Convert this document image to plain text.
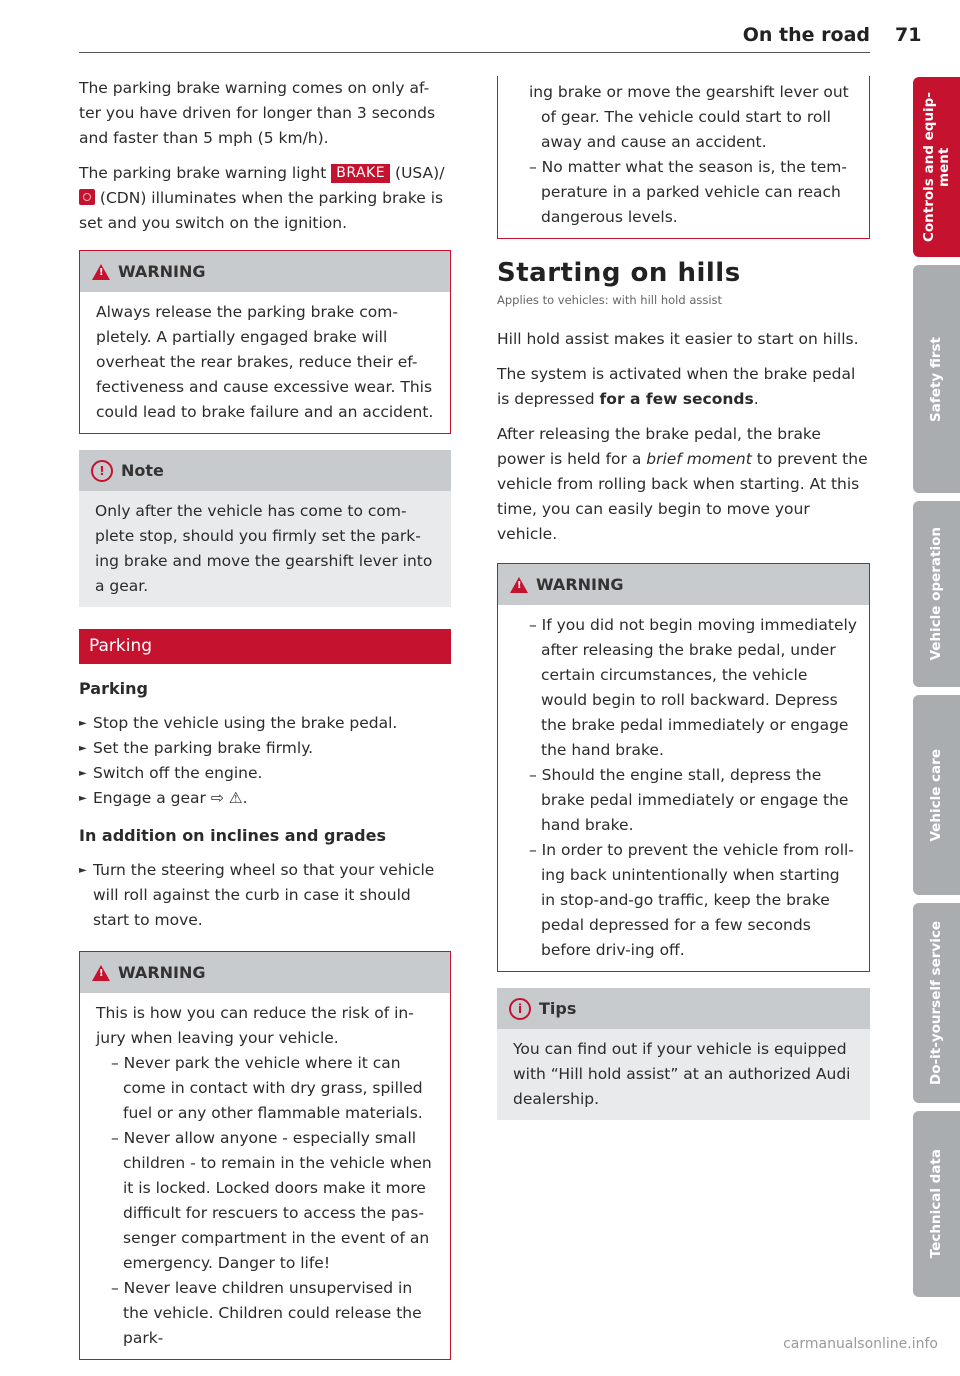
On the road 71

The parking brake warning comes on only af-ter you have driven for longer than 3 seconds and faster than 5 mph (5 km/h).

The parking brake warning light BRAKE (USA)/ (CDN) illuminates when the parking brake is set and you switch on the ignition.

!
WARNING
Always release the parking brake com-pletely. A partially engaged brake will overheat the rear brakes, reduce their ef-fectiveness and cause excessive wear. This could lead to brake failure and an accident.
!	Note
Only after the vehicle has come to com-plete stop, should you firmly set the park-ing brake and move the gearshift lever into a gear.
Parking
Parking

► Stop the vehicle using the brake pedal.

► Set the parking brake firmly.

► Switch off the engine.

► Engage a gear ⇨ ⚠.

In addition on inclines and grades

► Turn the steering wheel so that your vehicle will roll against the curb in case it should start to move.

!
WARNING
This is how you can reduce the risk of in-jury when leaving your vehicle.
– Never park the vehicle where it can come in contact with dry grass, spilled fuel or any other flammable materials.
– Never allow anyone - especially small children - to remain in the vehicle when it is locked. Locked doors make it more difficult for rescuers to access the pas-senger compartment in the event of an emergency. Danger to life!
– Never leave children unsupervised in the vehicle. Children could release the park-
ing brake or move the gearshift lever out of gear. The vehicle could start to roll away and cause an accident.
– No matter what the season is, the tem-perature in a parked vehicle can reach dangerous levels.
Starting on hills
Applies to vehicles: with hill hold assist

Hill hold assist makes it easier to start on hills.

The system is activated when the brake pedal is depressed for a few seconds.

After releasing the brake pedal, the brake power is held for a brief moment to prevent the vehicle from rolling back when starting. At this time, you can easily begin to move your vehicle.

!
WARNING
– If you did not begin moving immediately after releasing the brake pedal, under certain circumstances, the vehicle would begin to roll backward. Depress the brake pedal immediately or engage the hand brake.
– Should the engine stall, depress the brake pedal immediately or engage the hand brake.
– In order to prevent the vehicle from roll-ing back unintentionally when starting in stop-and-go traffic, keep the brake pedal depressed for a few seconds before driv-ing off.
i	Tips
You can find out if your vehicle is equipped with “Hill hold assist” at an authorized Audi dealership.
Controls and equip-ment
Safety first
Vehicle operation
Vehicle care
Do-it-yourself service
Technical data
carmanualsonline.info
